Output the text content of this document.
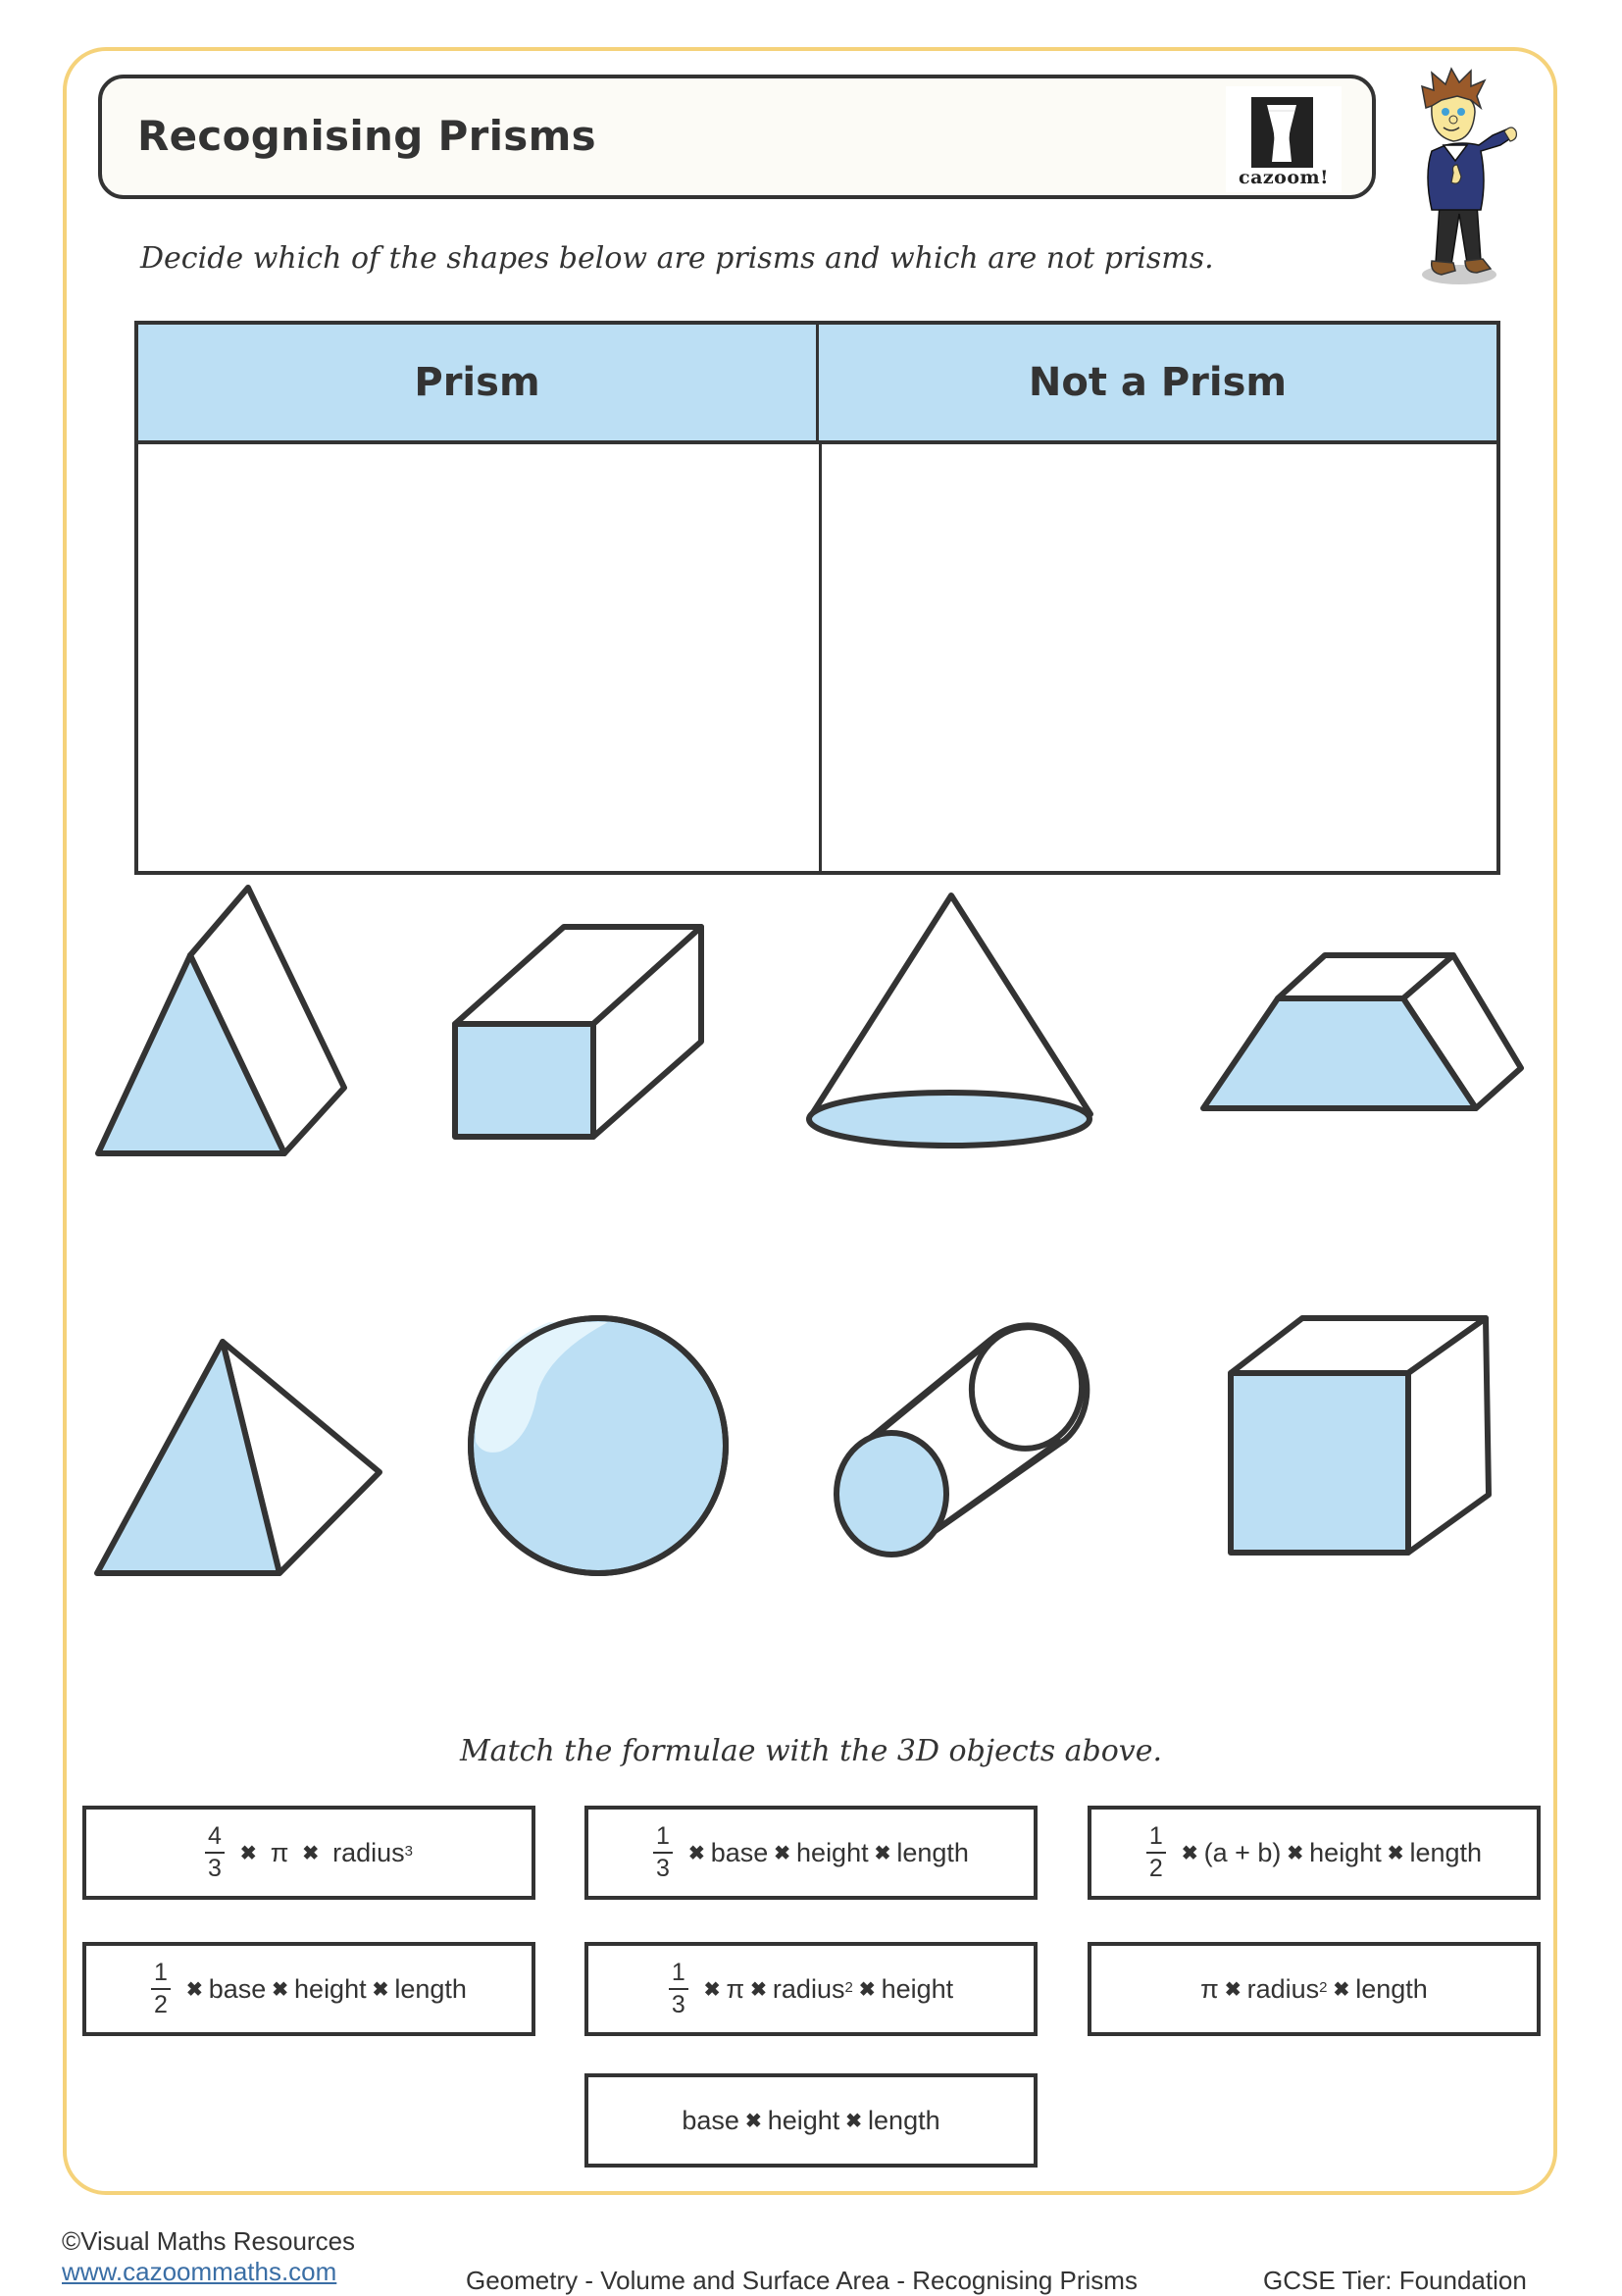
Recognising Prisms
cazoom!
Decide which of the shapes below are prisms and which are not prisms.
Prism	Not a Prism
Match the formulae with the 3D objects above.
$\frac{4}{3}$ ✖ π ✖ radius 3	$\frac{1}{3}$ ✖ base ✖ height ✖ length	$\frac{1}{2}$ ✖ (a + b) ✖ height ✖ length
$\frac{1}{2}$ ✖ base ✖ height ✖ length	$\frac{1}{3}$ ✖ π ✖ radius 2 ✖ height	π ✖ radius 2 ✖ length
base ✖ height ✖ length
©Visual Maths Resources
www.cazoommaths.com	Geometry - Volume and Surface Area - Recognising Prisms	GCSE Tier: Foundation
